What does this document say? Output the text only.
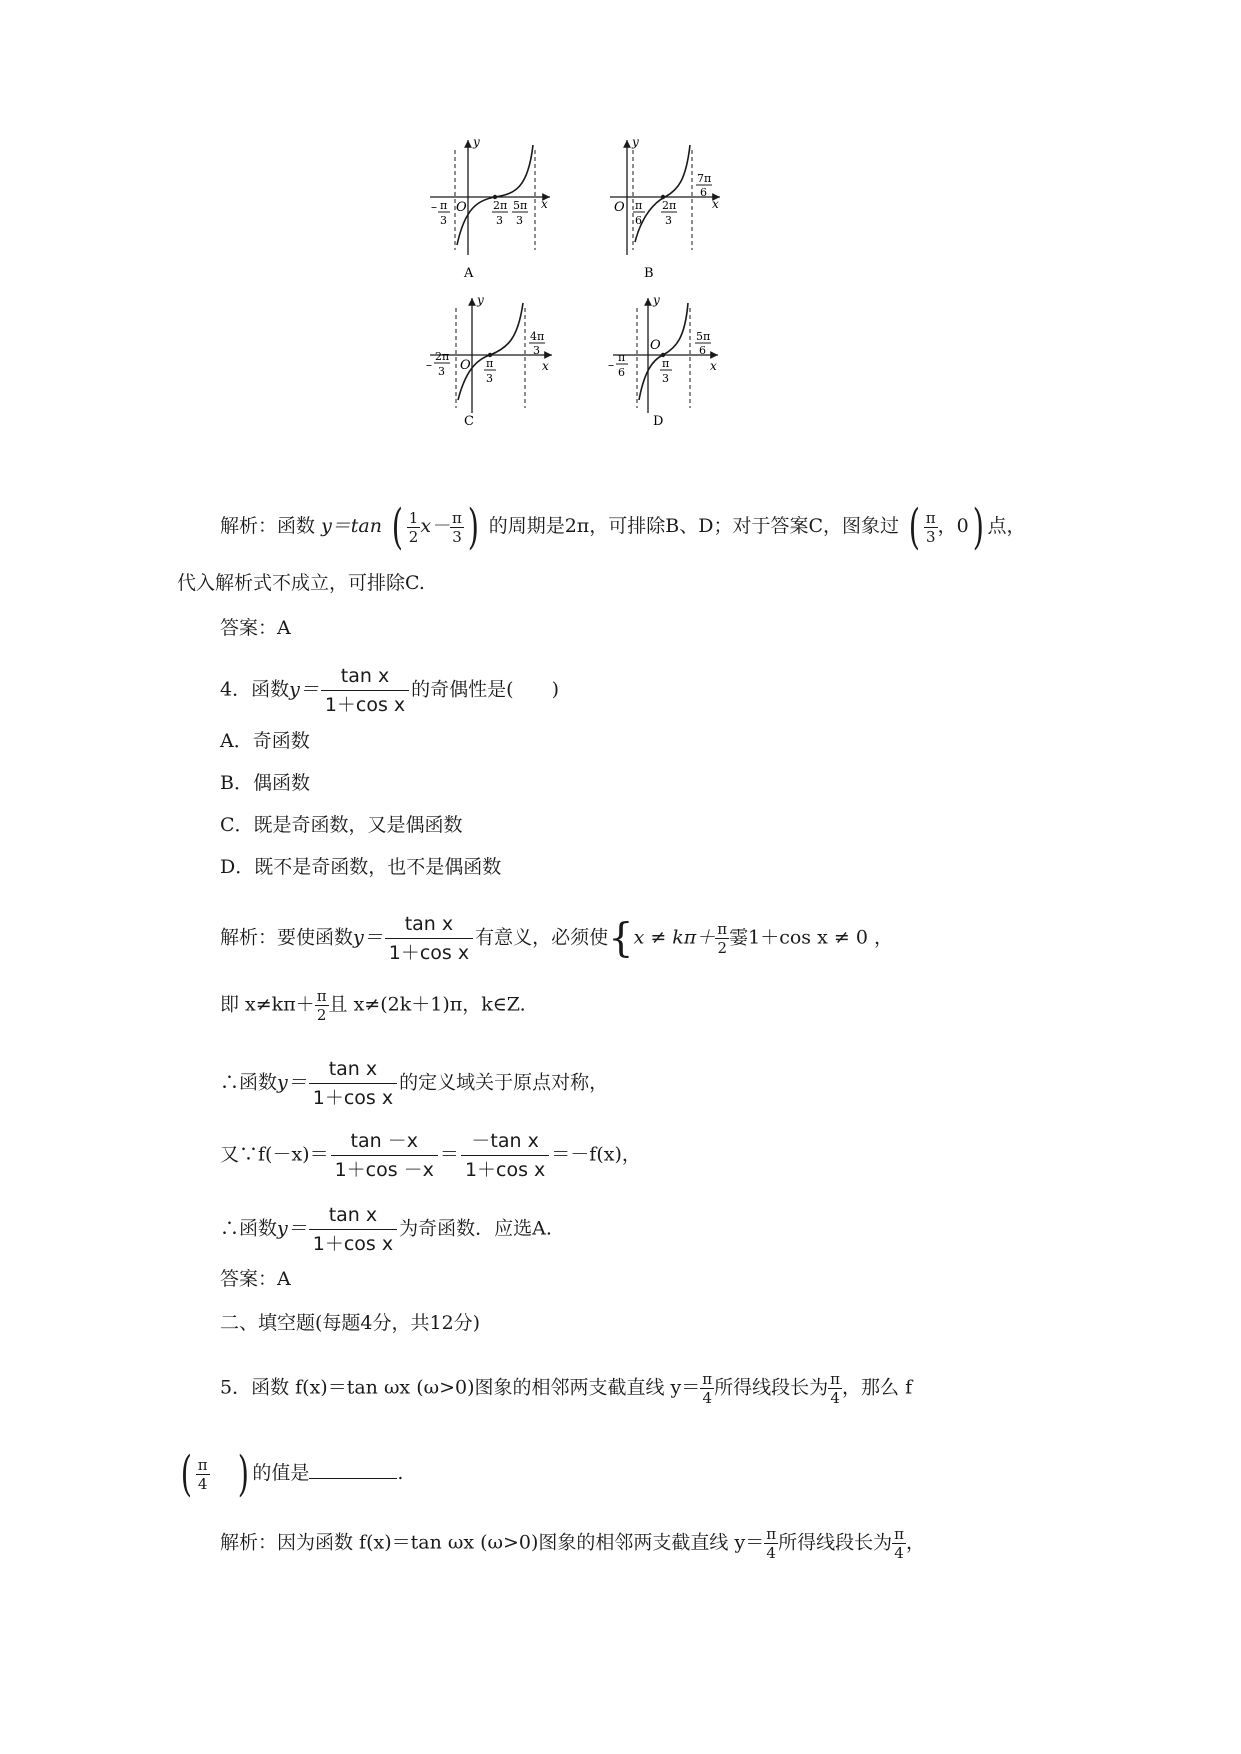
y
x
O
– π
3
2π
3
5π
3
A
y
x
O π
6
2π
3
7π
6
B
y
x
O
–
2π
3
π
3
4π
3
C
y
x
O
–
π
6
π
3
5π
6
D
解析：函数 y＝tan ( $\frac{1}{2} x- \frac{\pi}{3}$ ) 的周期是2π，可排除B、D；对于答案C，图象过 ( $\frac{\pi}{3}$ ，0) 点，
代入解析式不成立，可排除C.
答案：A
4．函数$y= \frac{\text{tan x}}{\text{1＋cos x}}$ 的奇偶性是(　　)
A．奇函数
B．偶函数
C．既是奇函数，又是偶函数
D．既不是奇函数，也不是偶函数
解析：要使函数$y= \frac{\text{tan x}}{\text{1＋cos x}}$ 有意义，必须使{$x \ne k\pi+ \frac{\pi}{2}$ 霎1＋cos x ≠ 0 ，
即 $x\ne k\pi+ \frac{\pi}{2}$ 且 x≠(2k＋1)π，k∈Z.
∴函数$y= \frac{\text{tan x}}{\text{1＋cos x}}$ 的定义域关于原点对称，
又∵f(－x)＝ $\frac{\tan -x}{1+\cos -x} = \frac{\text{－tan x}}{\text{1＋cos x}} =-f(x)$，
∴函数$y= \frac{\text{tan x}}{\text{1＋cos x}}$ 为奇函数．应选A.
答案：A
二、填空题(每题4分，共12分)
5．函数 f(x)＝tan ωx (ω>0)图象的相邻两支截直线 $y= \frac{\pi}{4}$ 所得线段长为 $\frac{\pi}{4}$ ，那么 f
( $\frac{\pi}{4}$ ) 的值是	.
解析：因为函数 f(x)＝tan ωx (ω>0)图象的相邻两支截直线 $y= \frac{\pi}{4}$ 所得线段长为 $\frac{\pi}{4}$ ，
